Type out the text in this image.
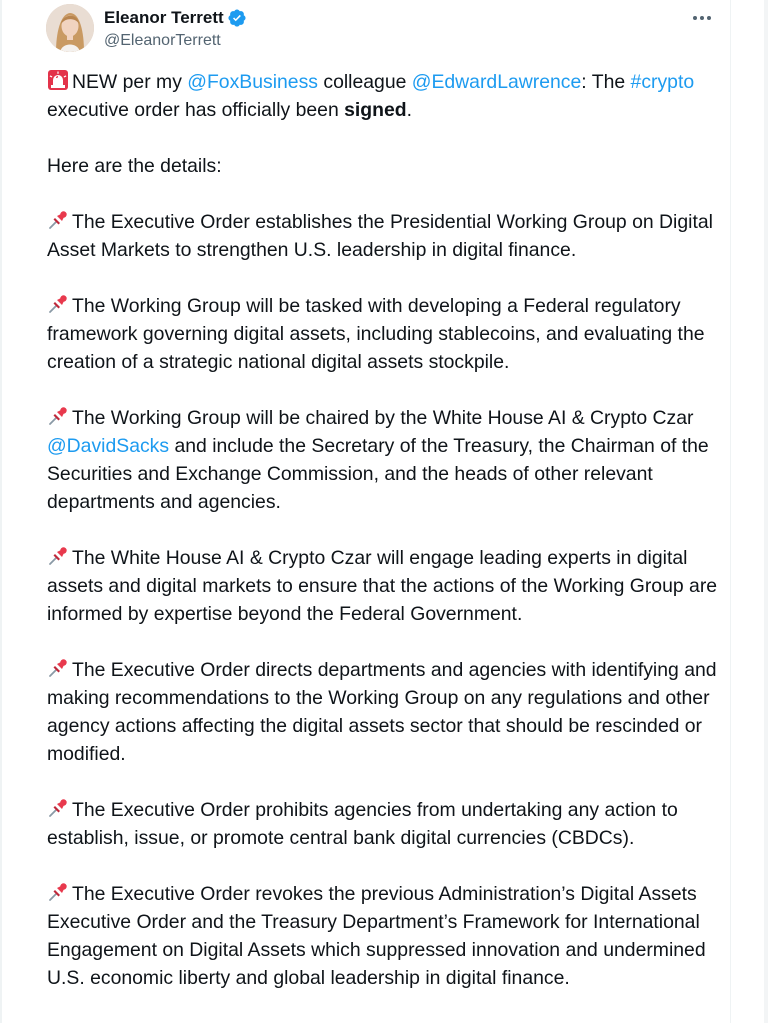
Eleanor Terrett
@EleanorTerrett

NEW per my @FoxBusiness colleague @EdwardLawrence: The #crypto executive order has officially been signed.

Here are the details:

The Executive Order establishes the Presidential Working Group on Digital Asset Markets to strengthen U.S. leadership in digital finance.

The Working Group will be tasked with developing a Federal regulatory framework governing digital assets, including stablecoins, and evaluating the creation of a strategic national digital assets stockpile.

The Working Group will be chaired by the White House AI & Crypto Czar @DavidSacks and include the Secretary of the Treasury, the Chairman of the Securities and Exchange Commission, and the heads of other relevant departments and agencies.

The White House AI & Crypto Czar will engage leading experts in digital assets and digital markets to ensure that the actions of the Working Group are informed by expertise beyond the Federal Government.

The Executive Order directs departments and agencies with identifying and making recommendations to the Working Group on any regulations and other agency actions affecting the digital assets sector that should be rescinded or modified.

The Executive Order prohibits agencies from undertaking any action to establish, issue, or promote central bank digital currencies (CBDCs).

The Executive Order revokes the previous Administration’s Digital Assets Executive Order and the Treasury Department’s Framework for International Engagement on Digital Assets which suppressed innovation and undermined U.S. economic liberty and global leadership in digital finance.
